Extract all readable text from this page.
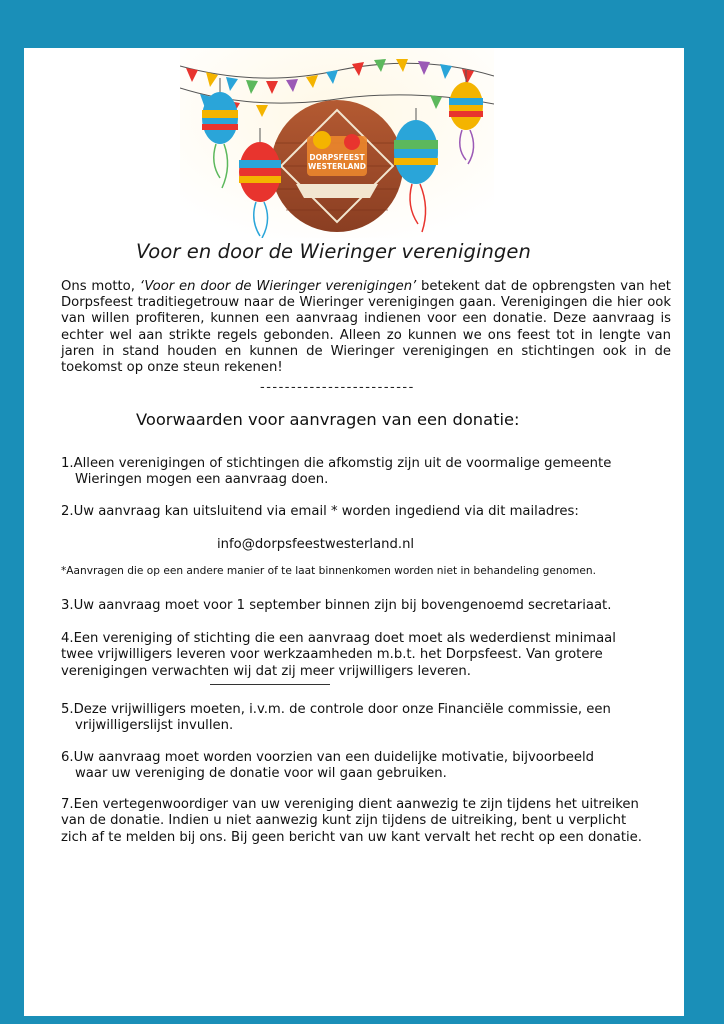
DORPSFEEST
WESTERLAND
Voor en door de Wieringer verenigingen

Ons motto, ‘Voor en door de Wieringer verenigingen’ betekent dat de opbrengsten van het Dorpsfeest traditiegetrouw naar de Wieringer verenigingen gaan. Verenigingen die hier ook van willen profiteren, kunnen een aanvraag indienen voor een donatie. Deze aanvraag is echter wel aan strikte regels gebonden. Alleen zo kunnen we ons feest tot in lengte van jaren in stand houden en kunnen de Wieringer verenigingen en stichtingen ook in de toekomst op onze steun rekenen!

-------------------------
Voorwaarden voor aanvragen van een donatie:

1.Alleen verenigingen of stichtingen die afkomstig zijn uit de voormalige gemeente
Wieringen mogen een aanvraag doen.

2.Uw aanvraag kan uitsluitend via email * worden ingediend via dit mailadres:

info@dorpsfeestwesterland.nl
*Aanvragen die op een andere manier of te laat binnenkomen worden niet in behandeling genomen.

3.Uw aanvraag moet voor 1 september binnen zijn bij bovengenoemd secretariaat.

4.Een vereniging of stichting die een aanvraag doet moet als wederdienst minimaal
twee vrijwilligers leveren voor werkzaamheden m.b.t. het Dorpsfeest. Van grotere
verenigingen verwachten wij dat zij meer vrijwilligers leveren.

5.Deze vrijwilligers moeten, i.v.m. de controle door onze Financiële commissie, een
vrijwilligerslijst invullen.

6.Uw aanvraag moet worden voorzien van een duidelijke motivatie, bijvoorbeeld
waar uw vereniging de donatie voor wil gaan gebruiken.

7.Een vertegenwoordiger van uw vereniging dient aanwezig te zijn tijdens het uitreiken
van de donatie. Indien u niet aanwezig kunt zijn tijdens de uitreiking, bent u verplicht
zich af te melden bij ons. Bij geen bericht van uw kant vervalt het recht op een donatie.
